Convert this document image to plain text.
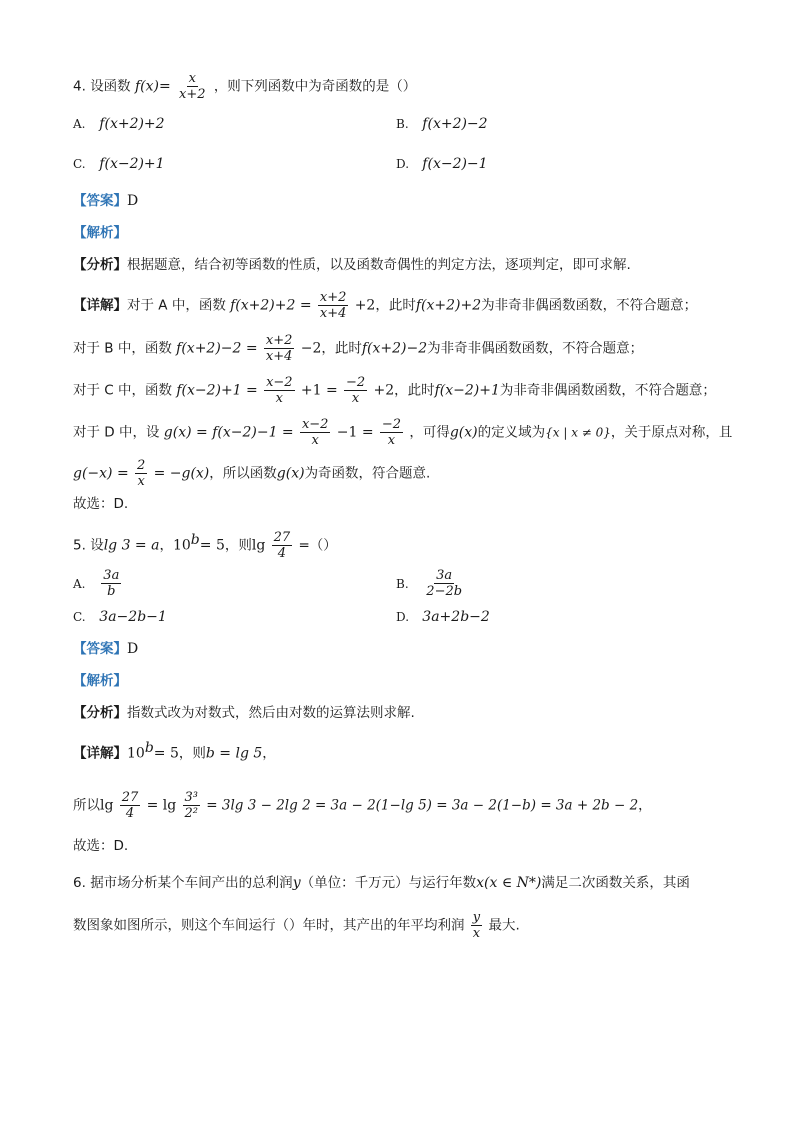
4. 设函数 $f(x)= \frac{x}{x+2}$ ，则下列函数中为奇函数的是（）
A. f(x+2)+2	B. f(x+2)−2
C. f(x−2)+1	D. f(x−2)−1
【答案】D
【解析】
【分析】根据题意，结合初等函数的性质，以及函数奇偶性的判定方法，逐项判定，即可求解.
【详解】对于 A 中，函数 $f(x+2)+2 = \frac{x+2}{x+4} +2$，此时f(x+2)+2为非奇非偶函数函数，不符合题意；
对于 B 中，函数 $f(x+2)-2 = \frac{x+2}{x+4} -2$，此时f(x+2)−2为非奇非偶函数函数，不符合题意；
对于 C 中，函数 $f(x-2)+1 = \frac{x-2}{x} +1 = \frac{-2}{x} +2$，此时f(x−2)+1为非奇非偶函数函数，不符合题意；
对于 D 中，设 $g(x) = f(x-2)-1 = \frac{x-2}{x} -1 = \frac{-2}{x}$ ，可得g(x)的定义域为{x | x ≠ 0}，关于原点对称，且
$g(-x) = \frac{2}{x} = -g(x)$，所以函数g(x)为奇函数，符合题意.
故选：D.
5. 设lg 3 = a，$10^b= 5$，则$\lg \frac{27}{4}$ =（）
A. $\frac{3a}{b}$	B. $\frac{3a}{2-2b}$
C. 3a−2b−1	D. 3a+2b−2
【答案】D
【解析】
【分析】指数式改为对数式，然后由对数的运算法则求解.
【详解】$10^b= 5$，则b = lg 5，
所以$\lg \frac{27}{4} = \lg \frac{\text{3³}}{\text{2²}} = 3\lg$ 3 − 2lg 2 = 3a − 2(1−lg 5) = 3a − 2(1−b) = 3a + 2b − 2，
故选：D.
6. 据市场分析某个车间产出的总利润y（单位：千万元）与运行年数x(x ∈ N*)满足二次函数关系，其函
数图象如图所示，则这个车间运行（）年时，其产出的年平均利润 $\frac{y}{x}$ 最大.
